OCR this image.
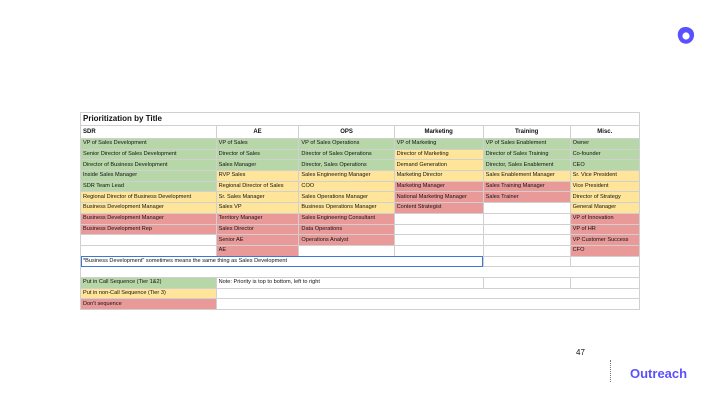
Prioritization by Title
SDR	AE	OPS	Marketing	Training	Misc.
VP of Sales Development	VP of Sales	VP of Sales Operations	VP of Marketing	VP of Sales Enablement	Owner
Senior Director of Sales Development	Director of Sales	Director of Sales Operations	Director of Marketing	Director of Sales Training	Co-founder
Director of Business Development	Sales Manager	Director, Sales Operations	Demand Generation	Director, Sales Enablement	CEO
Inside Sales Manager	RVP Sales	Sales Engineering Manager	Marketing Director	Sales Enablement Manager	Sr. Vice President
SDR Team Lead	Regional Director of Sales	COO	Marketing Manager	Sales Training Manager	Vice President
Regional Director of Business Development	Sr. Sales Manager	Sales Operations Manager	National Marketing Manager	Sales Trainer	Director of Strategy
Business Development Manager	Sales VP	Business Operations Manager	Content Strategist		General Manager
Business Development Manager	Territory Manager	Sales Engineering Consultant			VP of Innovation
Business Development Rep	Sales Director	Data Operations			VP of HR
	Senior AE	Operations Analyst			VP Customer Success
	AE				CFO
*Business Development" sometimes means the same thing as Sales Development					

Put in Call Sequence (Tier 1&2)	Note: Priority is top to bottom, left to right				
Put in non-Call Sequence (Tier 3)					
Don't sequence					
47
Outreach
